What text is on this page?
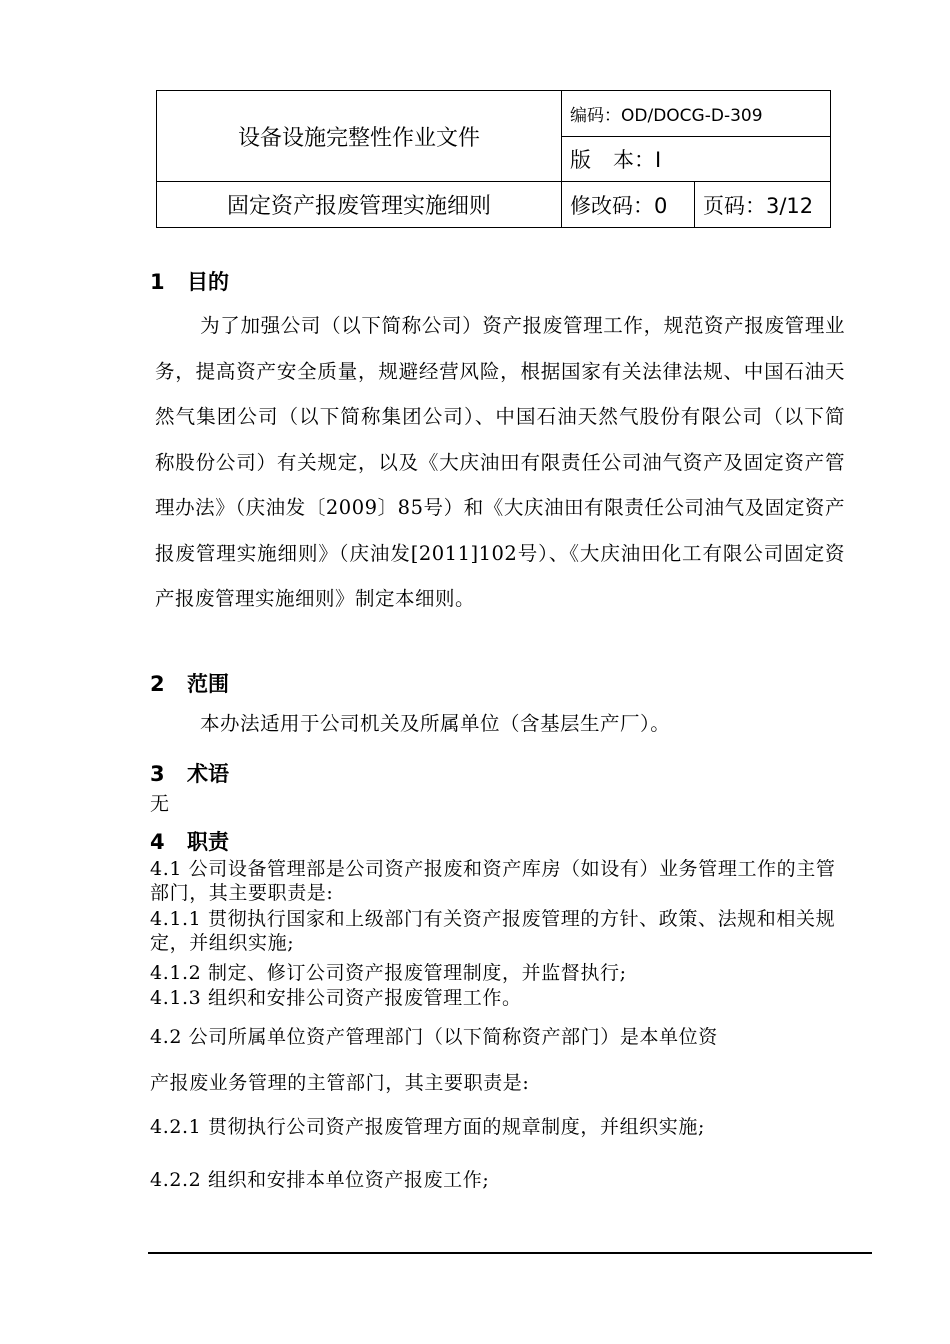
设备设施完整性作业文件	编码：OD/DOCG-D-309	
	版 本：Ⅰ	
固定资产报废管理实施细则	修改码：0	页码：3/12
1 目的
为了加强公司（以下简称公司）资产报废管理工作，规范资产报废管理业务，提高资产安全质量，规避经营风险，根据国家有关法律法规、中国石油天然气集团公司（以下简称集团公司）、中国石油天然气股份有限公司（以下简称股份公司）有关规定，以及《大庆油田有限责任公司油气资产及固定资产管理办法》（庆油发〔2009〕85号）和《大庆油田有限责任公司油气及固定资产报废管理实施细则》（庆油发[2011]102号）、《大庆油田化工有限公司固定资产报废管理实施细则》制定本细则。
2 范围
本办法适用于公司机关及所属单位（含基层生产厂）。
3 术语
无
4 职责
4.1 公司设备管理部是公司资产报废和资产库房（如设有）业务管理工作的主管部门，其主要职责是:
4.1.1 贯彻执行国家和上级部门有关资产报废管理的方针、政策、法规和相关规定，并组织实施;
4.1.2 制定、修订公司资产报废管理制度，并监督执行;
4.1.3 组织和安排公司资产报废管理工作。
4.2 公司所属单位资产管理部门（以下简称资产部门）是本单位资
产报废业务管理的主管部门，其主要职责是:
4.2.1 贯彻执行公司资产报废管理方面的规章制度，并组织实施;
4.2.2 组织和安排本单位资产报废工作;
